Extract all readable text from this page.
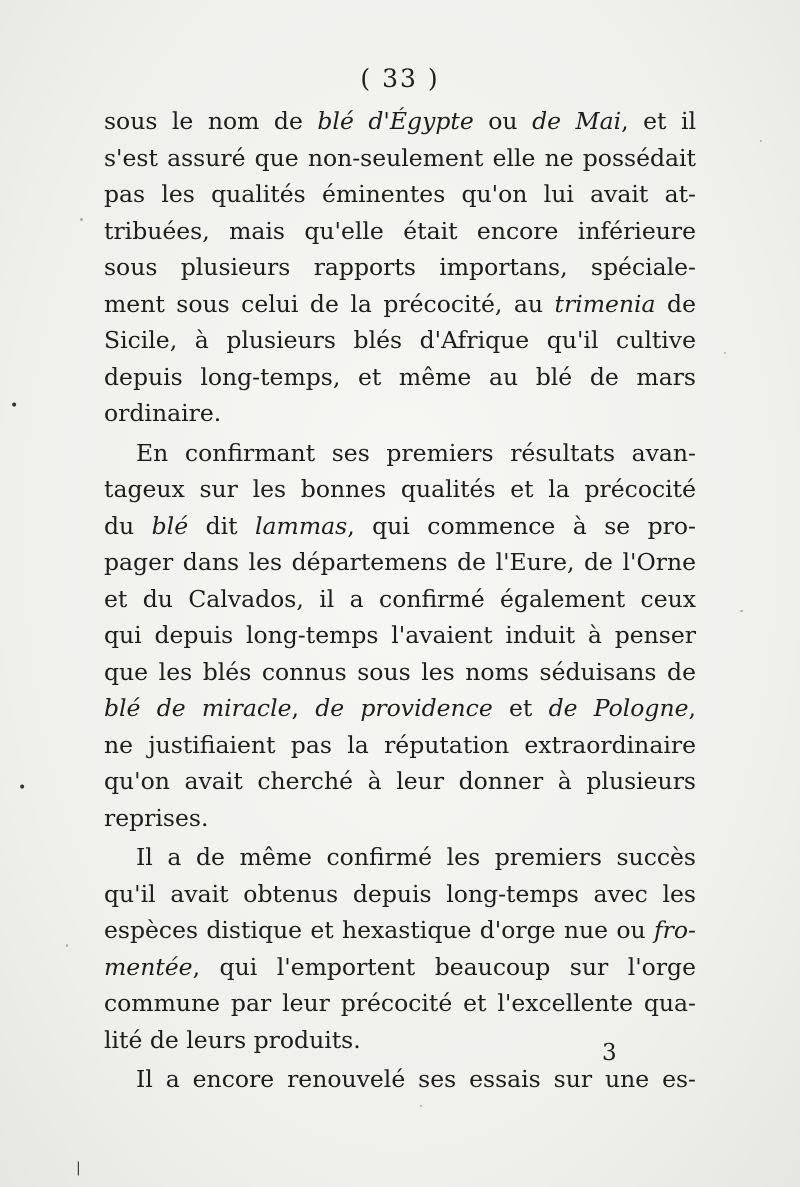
( 33 )
sous le nom de blé d'Égypte ou de Mai, et il
s'est assuré que non-seulement elle ne possédait
pas les qualités éminentes qu'on lui avait at-
tribuées, mais qu'elle était encore inférieure
sous plusieurs rapports importans, spéciale-
ment sous celui de la précocité, au trimenia de
Sicile, à plusieurs blés d'Afrique qu'il cultive
depuis long-temps, et même au blé de mars
ordinaire.
En confirmant ses premiers résultats avan-
tageux sur les bonnes qualités et la précocité
du blé dit lammas, qui commence à se pro-
pager dans les départemens de l'Eure, de l'Orne
et du Calvados, il a confirmé également ceux
qui depuis long-temps l'avaient induit à penser
que les blés connus sous les noms séduisans de
blé de miracle, de providence et de Pologne,
ne justifiaient pas la réputation extraordinaire
qu'on avait cherché à leur donner à plusieurs
reprises.
Il a de même confirmé les premiers succès
qu'il avait obtenus depuis long-temps avec les
espèces distique et hexastique d'orge nue ou fro-
mentée, qui l'emportent beaucoup sur l'orge
commune par leur précocité et l'excellente qua-
lité de leurs produits.
Il a encore renouvelé ses essais sur une es-
3
•
•
|
